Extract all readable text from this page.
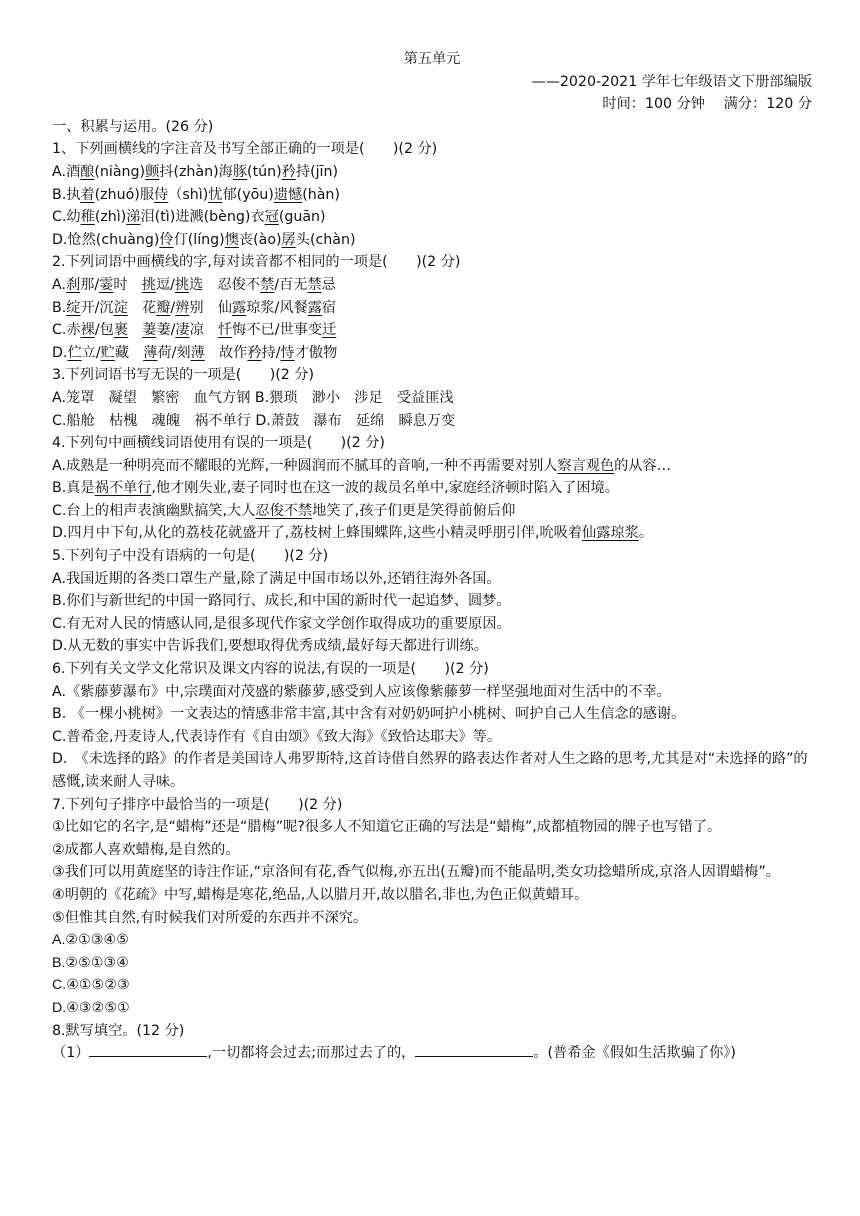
第五单元
——2020-2021 学年七年级语文下册部编版
时间：100 分钟　 满分：120 分
一、积累与运用。(26 分)
1、下列画横线的字注音及书写全部正确的一项是(　　)(2 分)
A.酒酿(niàng)颤抖(zhàn)海豚(tún)矜持(jīn)
B.执着(zhuó)服侍（shì)忧郁(yōu)遗憾(hàn)
C.幼稚(zhì)涕泪(tì)进溅(bèng)衣冠(guān)
D.怆然(chuàng)伶仃(líng)懊丧(ào)孱头(chàn)
2.下列词语中画横线的字,每对读音都不相同的一项是(　　)(2 分)
A.刹那/霎时　挑逗/挑选　忍俊不禁/百无禁忌
B.绽开/沉淀　花瓣/辨别　仙露琼浆/风餐露宿
C.赤裸/包裹　 萋萋/凄凉　忏悔不已/世事变迁
D.伫立/贮藏　薄荷/刻薄　故作矜持/恃才傲物
3.下列词语书写无误的一项是(　　)(2 分)
A.笼罩　凝望　繁密　血气方钢 B.猥琐　渺小　涉足　受益匪浅
C.船舱　枯槐　魂魄　祸不单行 D.萧鼓　瀑布　延绵　瞬息万变
4.下列句中画横线词语使用有误的一项是(　　)(2 分)
A.成熟是一种明亮而不耀眼的光辉,一种圆润而不腻耳的音响,一种不再需要对别人察言观色的从容…
B.真是祸不单行,他才刚失业,妻子同时也在这一波的裁员名单中,家庭经济顿时陷入了困境。
C.台上的相声表演幽默搞笑,大人忍俊不禁地笑了,孩子们更是笑得前俯后仰
D.四月中下旬,从化的荔枝花就盛开了,荔枝树上蜂围蝶阵,这些小精灵呼朋引伴,吮吸着仙露琼浆。
5.下列句子中没有语病的一句是(　　)(2 分)
A.我国近期的各类口罩生产量,除了满足中国市场以外,还销往海外各国。
B.你们与新世纪的中国一路同行、成长,和中国的新时代一起追梦、圆梦。
C.有无对人民的情感认同,是很多现代作家文学创作取得成功的重要原因。
D.从无数的事实中告诉我们,要想取得优秀成绩,最好每天都进行训练。
6.下列有关文学文化常识及课文内容的说法,有误的一项是(　　)(2 分)
A.《紫藤萝瀑布》中,宗璞面对茂盛的紫藤萝,感受到人应该像紫藤萝一样坚强地面对生活中的不幸。
B. 《一棵小桃树》一文表达的情感非常丰富,其中含有对奶奶呵护小桃树、呵护自己人生信念的感谢。
C.普希金,丹麦诗人,代表诗作有《自由颂》《致大海》《致恰达耶夫》等。
D.　《未选择的路》的作者是美国诗人弗罗斯特,这首诗借自然界的路表达作者对人生之路的思考,尤其是对“未选择的路”的感慨,读来耐人寻味。
7.下列句子排序中最恰当的一项是(　　)(2 分)
①比如它的名字,是“蜡梅”还是“腊梅”呢?很多人不知道它正确的写法是“蜡梅”,成都植物园的牌子也写错了。
②成都人喜欢蜡梅,是自然的。
③我们可以用黄庭坚的诗注作证,“京洛间有花,香气似梅,亦五出(五瓣)而不能晶明,类女功捻蜡所成,京洛人因谓蜡梅”。
④明朝的《花疏》中写,蜡梅是寒花,绝品,人以腊月开,故以腊名,非也,为色正似黄蜡耳。
⑤但惟其自然,有时候我们对所爱的东西并不深究。
A.②①③④⑤
B.②⑤①③④
C.④①⑤②③
D.④③②⑤①
8.默写填空。(12 分)
（1）	,一切都将会过去;而那过去了的，	。(普希金《假如生活欺骗了你》)
